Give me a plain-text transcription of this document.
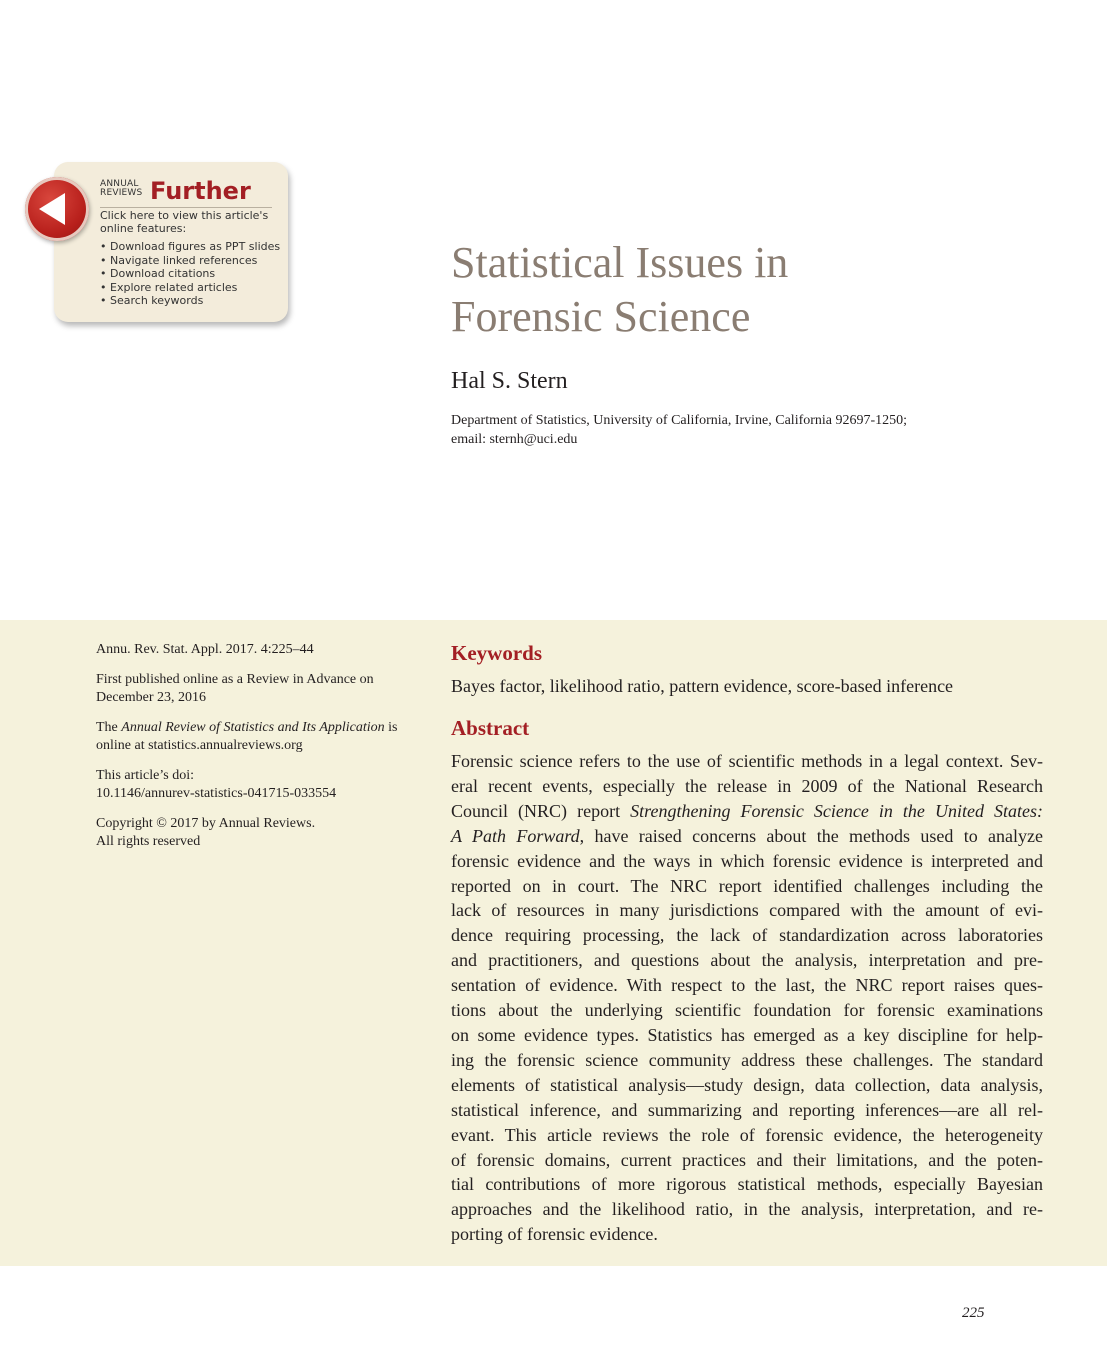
ANNUAL
REVIEWS Further
Click here to view this article's
online features:
• Download figures as PPT slides
• Navigate linked references
• Download citations
• Explore related articles
• Search keywords
Statistical Issues in
Forensic Science
Hal S. Stern
Department of Statistics, University of California, Irvine, California 92697-1250;
email: sternh@uci.edu

Annu. Rev. Stat. Appl. 2017. 4:225–44

First published online as a Review in Advance on
December 23, 2016

The Annual Review of Statistics and Its Application is
online at statistics.annualreviews.org

This article’s doi:
10.1146/annurev-statistics-041715-033554

Copyright © 2017 by Annual Reviews.
All rights reserved

Keywords
Bayes factor, likelihood ratio, pattern evidence, score-based inference
Abstract
Forensic science refers to the use of scientific methods in a legal context. Sev-
eral recent events, especially the release in 2009 of the National Research
Council (NRC) report Strengthening Forensic Science in the United States:
A Path Forward, have raised concerns about the methods used to analyze
forensic evidence and the ways in which forensic evidence is interpreted and
reported on in court. The NRC report identified challenges including the
lack of resources in many jurisdictions compared with the amount of evi-
dence requiring processing, the lack of standardization across laboratories
and practitioners, and questions about the analysis, interpretation and pre-
sentation of evidence. With respect to the last, the NRC report raises ques-
tions about the underlying scientific foundation for forensic examinations
on some evidence types. Statistics has emerged as a key discipline for help-
ing the forensic science community address these challenges. The standard
elements of statistical analysis—study design, data collection, data analysis,
statistical inference, and summarizing and reporting inferences—are all rel-
evant. This article reviews the role of forensic evidence, the heterogeneity
of forensic domains, current practices and their limitations, and the poten-
tial contributions of more rigorous statistical methods, especially Bayesian
approaches and the likelihood ratio, in the analysis, interpretation, and re-
porting of forensic evidence.
225
